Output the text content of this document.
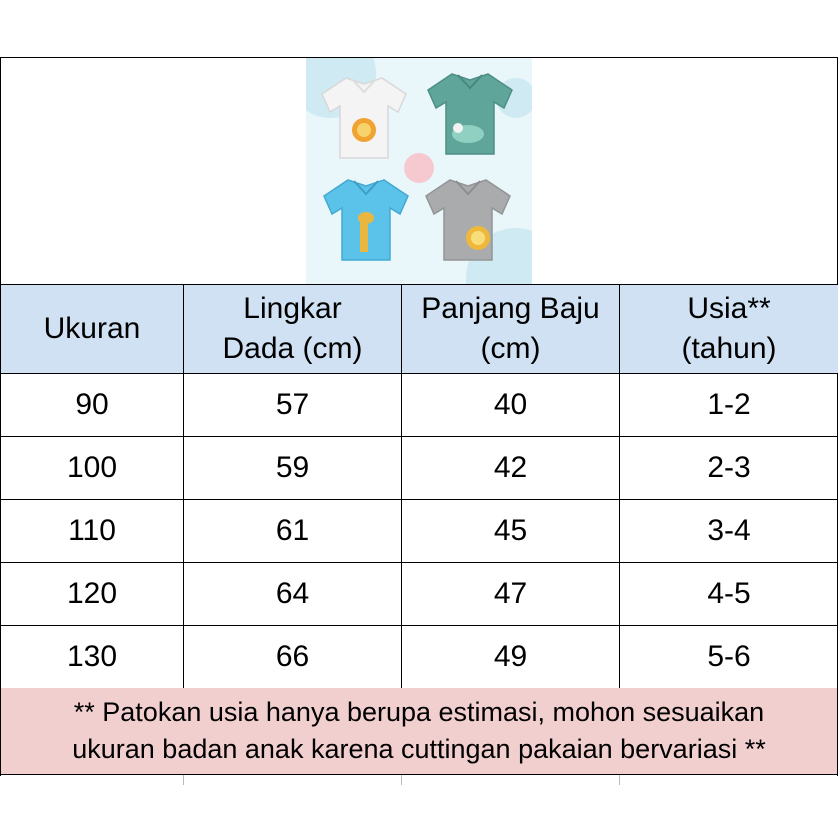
Ukuran	Lingkar Dada (cm)	Panjang Baju (cm)	Usia** (tahun)
90	57	40	1-2
100	59	42	2-3
110	61	45	3-4
120	64	47	4-5
130	66	49	5-6
** Patokan usia hanya berupa estimasi, mohon sesuaikan
ukuran badan anak karena cuttingan pakaian bervariasi **
